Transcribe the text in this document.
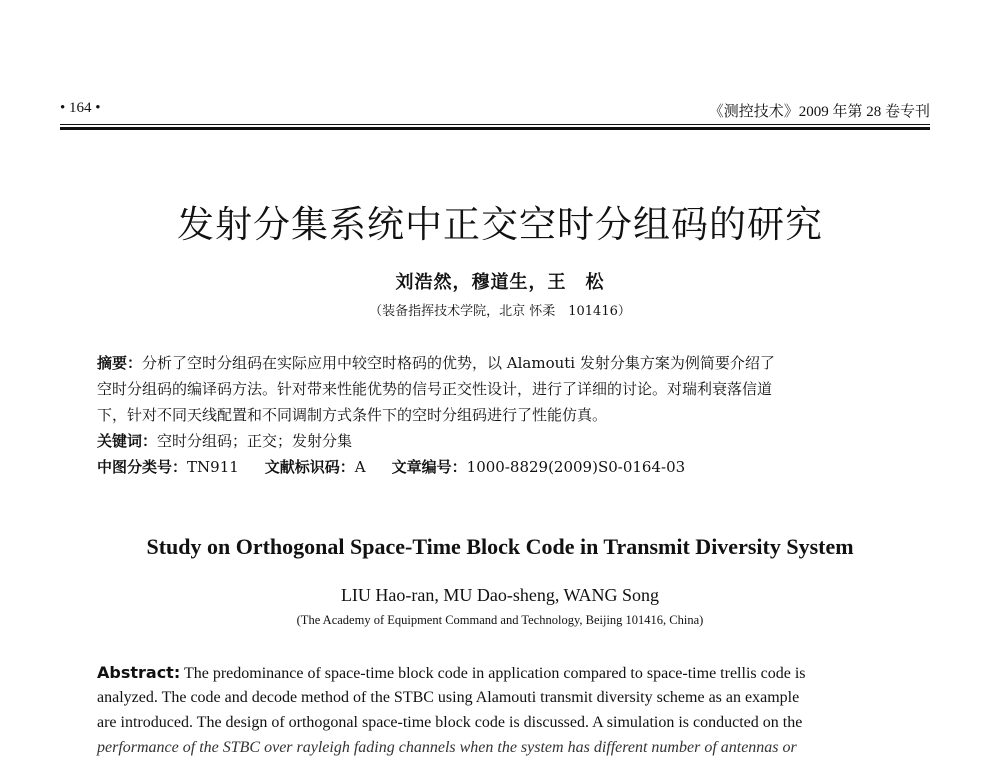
• 164 •	《测控技术》2009 年第 28 卷专刊
发射分集系统中正交空时分组码的研究
刘浩然，穆道生，王　松
（装备指挥技术学院，北京 怀柔　101416）
摘要：分析了空时分组码在实际应用中较空时格码的优势，以 Alamouti 发射分集方案为例简要介绍了
空时分组码的编译码方法。针对带来性能优势的信号正交性设计，进行了详细的讨论。对瑞利衰落信道
下，针对不同天线配置和不同调制方式条件下的空时分组码进行了性能仿真。
关键词：空时分组码；正交；发射分集
中图分类号：TN911 文献标识码：A 文章编号：1000-8829(2009)S0-0164-03
Study on Orthogonal Space-Time Block Code in Transmit Diversity System
LIU Hao-ran, MU Dao-sheng, WANG Song
(The Academy of Equipment Command and Technology, Beijing 101416, China)
Abstract: The predominance of space-time block code in application compared to space-time trellis code is
analyzed. The code and decode method of the STBC using Alamouti transmit diversity scheme as an example
are introduced. The design of orthogonal space-time block code is discussed. A simulation is conducted on the
performance of the STBC over rayleigh fading channels when the system has different number of antennas or
